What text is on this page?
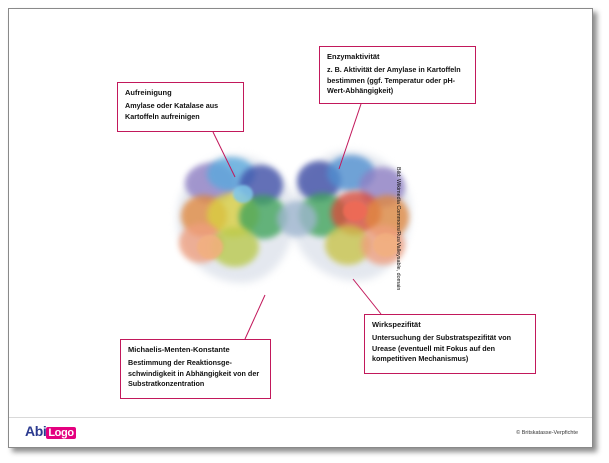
Bild: Wikimedia Commons/Rus/Valleysable, domain
Aufreinigung
Amylase oder Katalase aus Kartoffeln aufreinigen
Enzymaktivität
z. B. Aktivität der Amylase in Kartoffeln bestimmen (ggf. Temperatur oder pH-Wert-Abhängigkeit)
Michaelis-Menten-Konstante
Bestimmung der Reaktionsge-schwindigkeit in Abhängigkeit von der Substratkonzentration
Wirkspezifität
Untersuchung der Substratspezifität von Urease (eventuell mit Fokus auf den kompetitiven Mechanismus)
Abi Logo	© Britskatasse-Verpfichte
